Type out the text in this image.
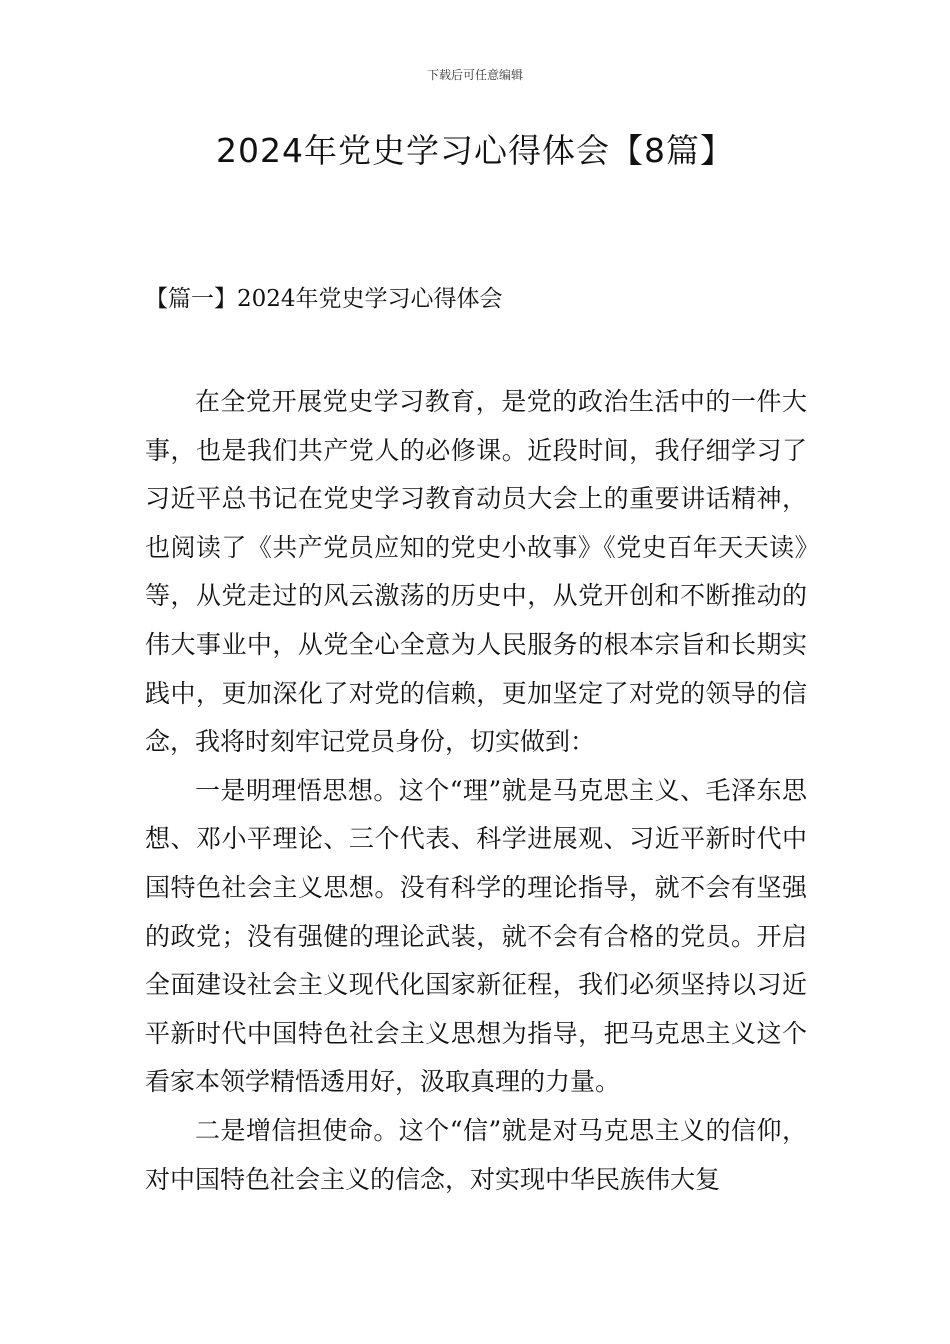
下载后可任意编辑
2024年党史学习心得体会【8篇】
【篇一】2024年党史学习心得体会

在全党开展党史学习教育，是党的政治生活中的一件大事，也是我们共产党人的必修课。近段时间，我仔细学习了习近平总书记在党史学习教育动员大会上的重要讲话精神，也阅读了《共产党员应知的党史小故事》《党史百年天天读》等，从党走过的风云激荡的历史中，从党开创和不断推动的伟大事业中，从党全心全意为人民服务的根本宗旨和长期实践中，更加深化了对党的信赖，更加坚定了对党的领导的信念，我将时刻牢记党员身份，切实做到：

一是明理悟思想。这个“理”就是马克思主义、毛泽东思想、邓小平理论、三个代表、科学进展观、习近平新时代中国特色社会主义思想。没有科学的理论指导，就不会有坚强的政党；没有强健的理论武装，就不会有合格的党员。开启全面建设社会主义现代化国家新征程，我们必须坚持以习近平新时代中国特色社会主义思想为指导，把马克思主义这个看家本领学精悟透用好，汲取真理的力量。

二是增信担使命。这个“信”就是对马克思主义的信仰，对中国特色社会主义的信念，对实现中华民族伟大复
